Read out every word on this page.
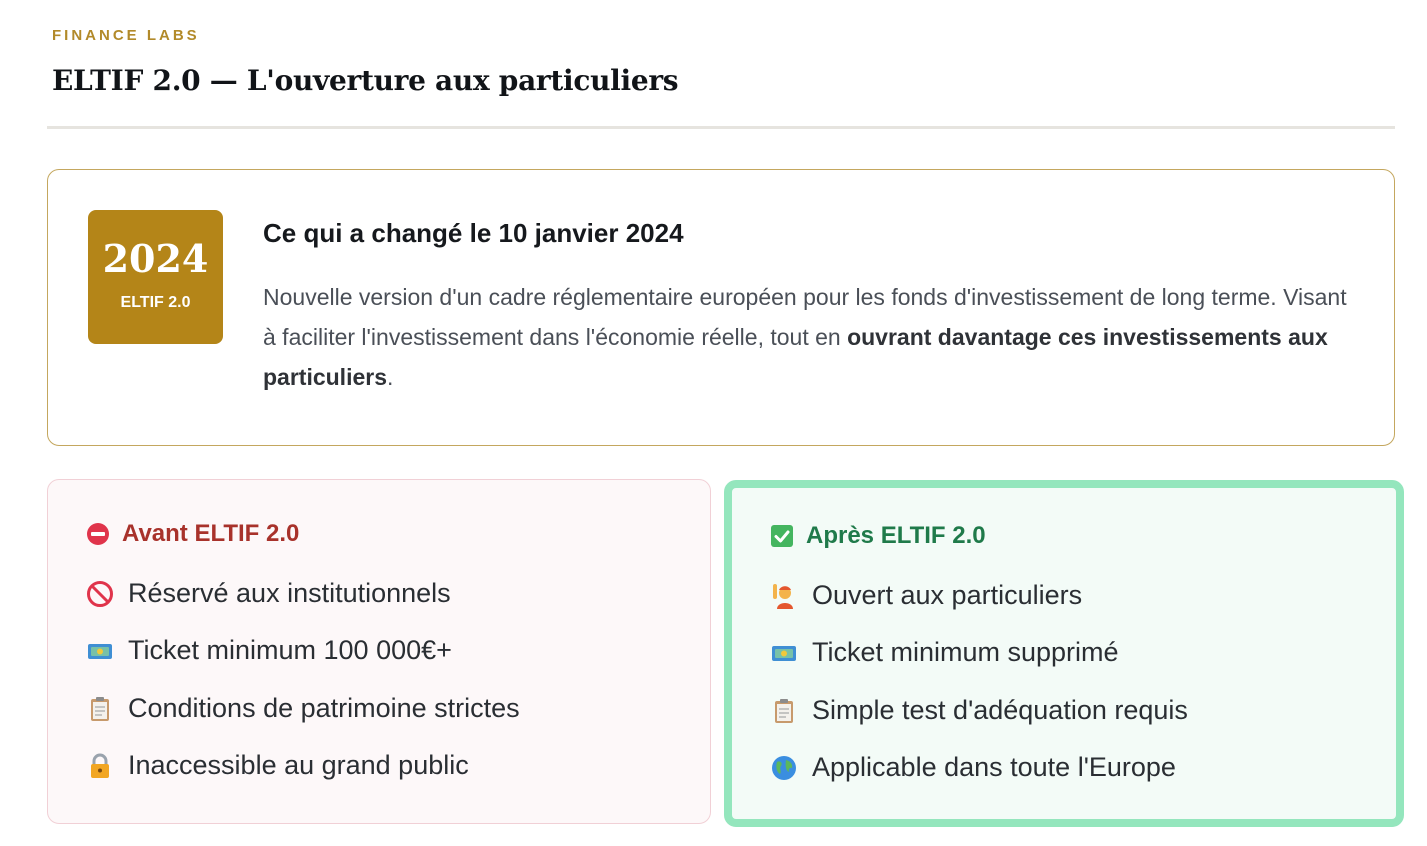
FINANCE LABS
ELTIF 2.0 — L'ouverture aux particuliers
2024
ELTIF 2.0
Ce qui a changé le 10 janvier 2024

Nouvelle version d'un cadre réglementaire européen pour les fonds d'investissement de long terme. Visant à faciliter l'investissement dans l'économie réelle, tout en ouvrant davantage ces investissements aux particuliers.

Avant ELTIF 2.0
Réservé aux institutionnels
Ticket minimum 100 000€+
Conditions de patrimoine strictes
Inaccessible au grand public
Après ELTIF 2.0
Ouvert aux particuliers
Ticket minimum supprimé
Simple test d'adéquation requis
Applicable dans toute l'Europe
